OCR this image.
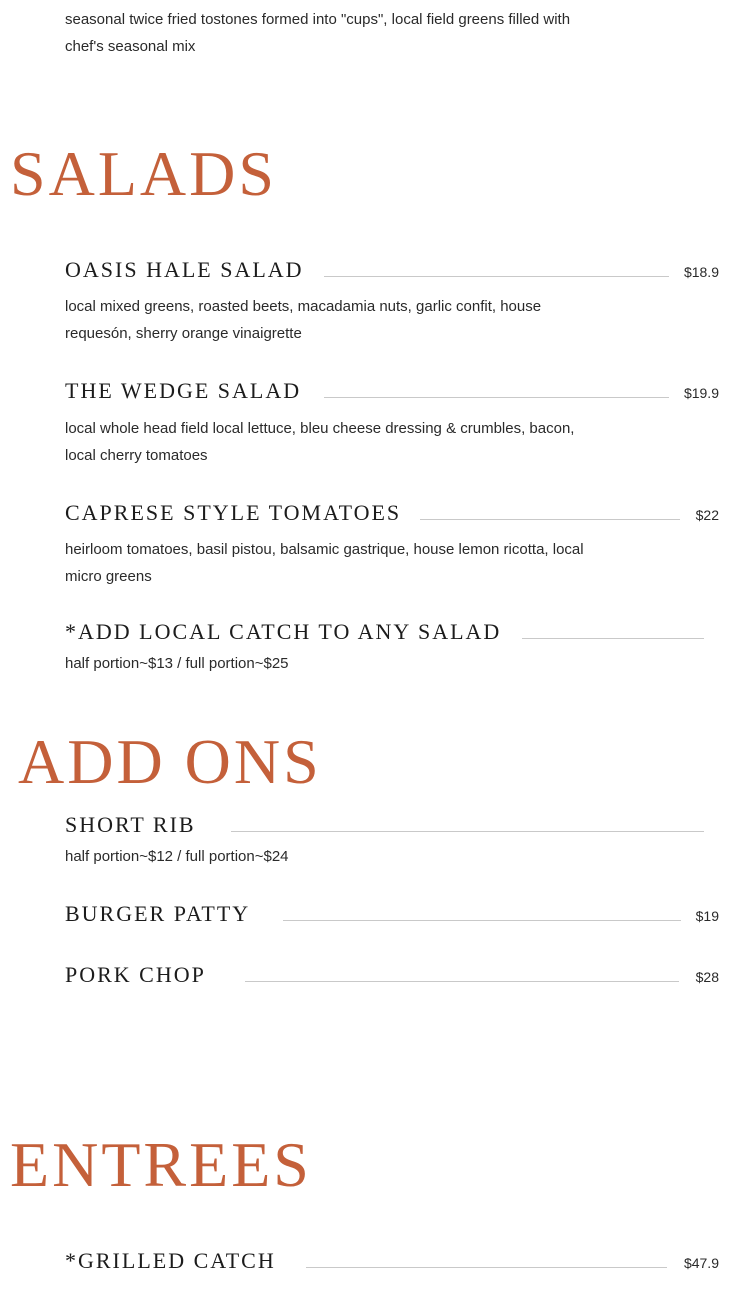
seasonal twice fried tostones formed into "cups", local field greens filled with chef's seasonal mix
SALADS
OASIS HALE SALAD	$18.9
local mixed greens, roasted beets, macadamia nuts, garlic confit, house requesón, sherry orange vinaigrette
THE WEDGE SALAD	$19.9
local whole head field local lettuce, bleu cheese dressing & crumbles, bacon, local cherry tomatoes
CAPRESE STYLE TOMATOES	$22
heirloom tomatoes, basil pistou, balsamic gastrique, house lemon ricotta, local micro greens
*ADD LOCAL CATCH TO ANY SALAD
half portion~$13 / full portion~$25
ADD ONS
SHORT RIB
half portion~$12 / full portion~$24
BURGER PATTY	$19
PORK CHOP	$28
ENTREES
*GRILLED CATCH	$47.9
